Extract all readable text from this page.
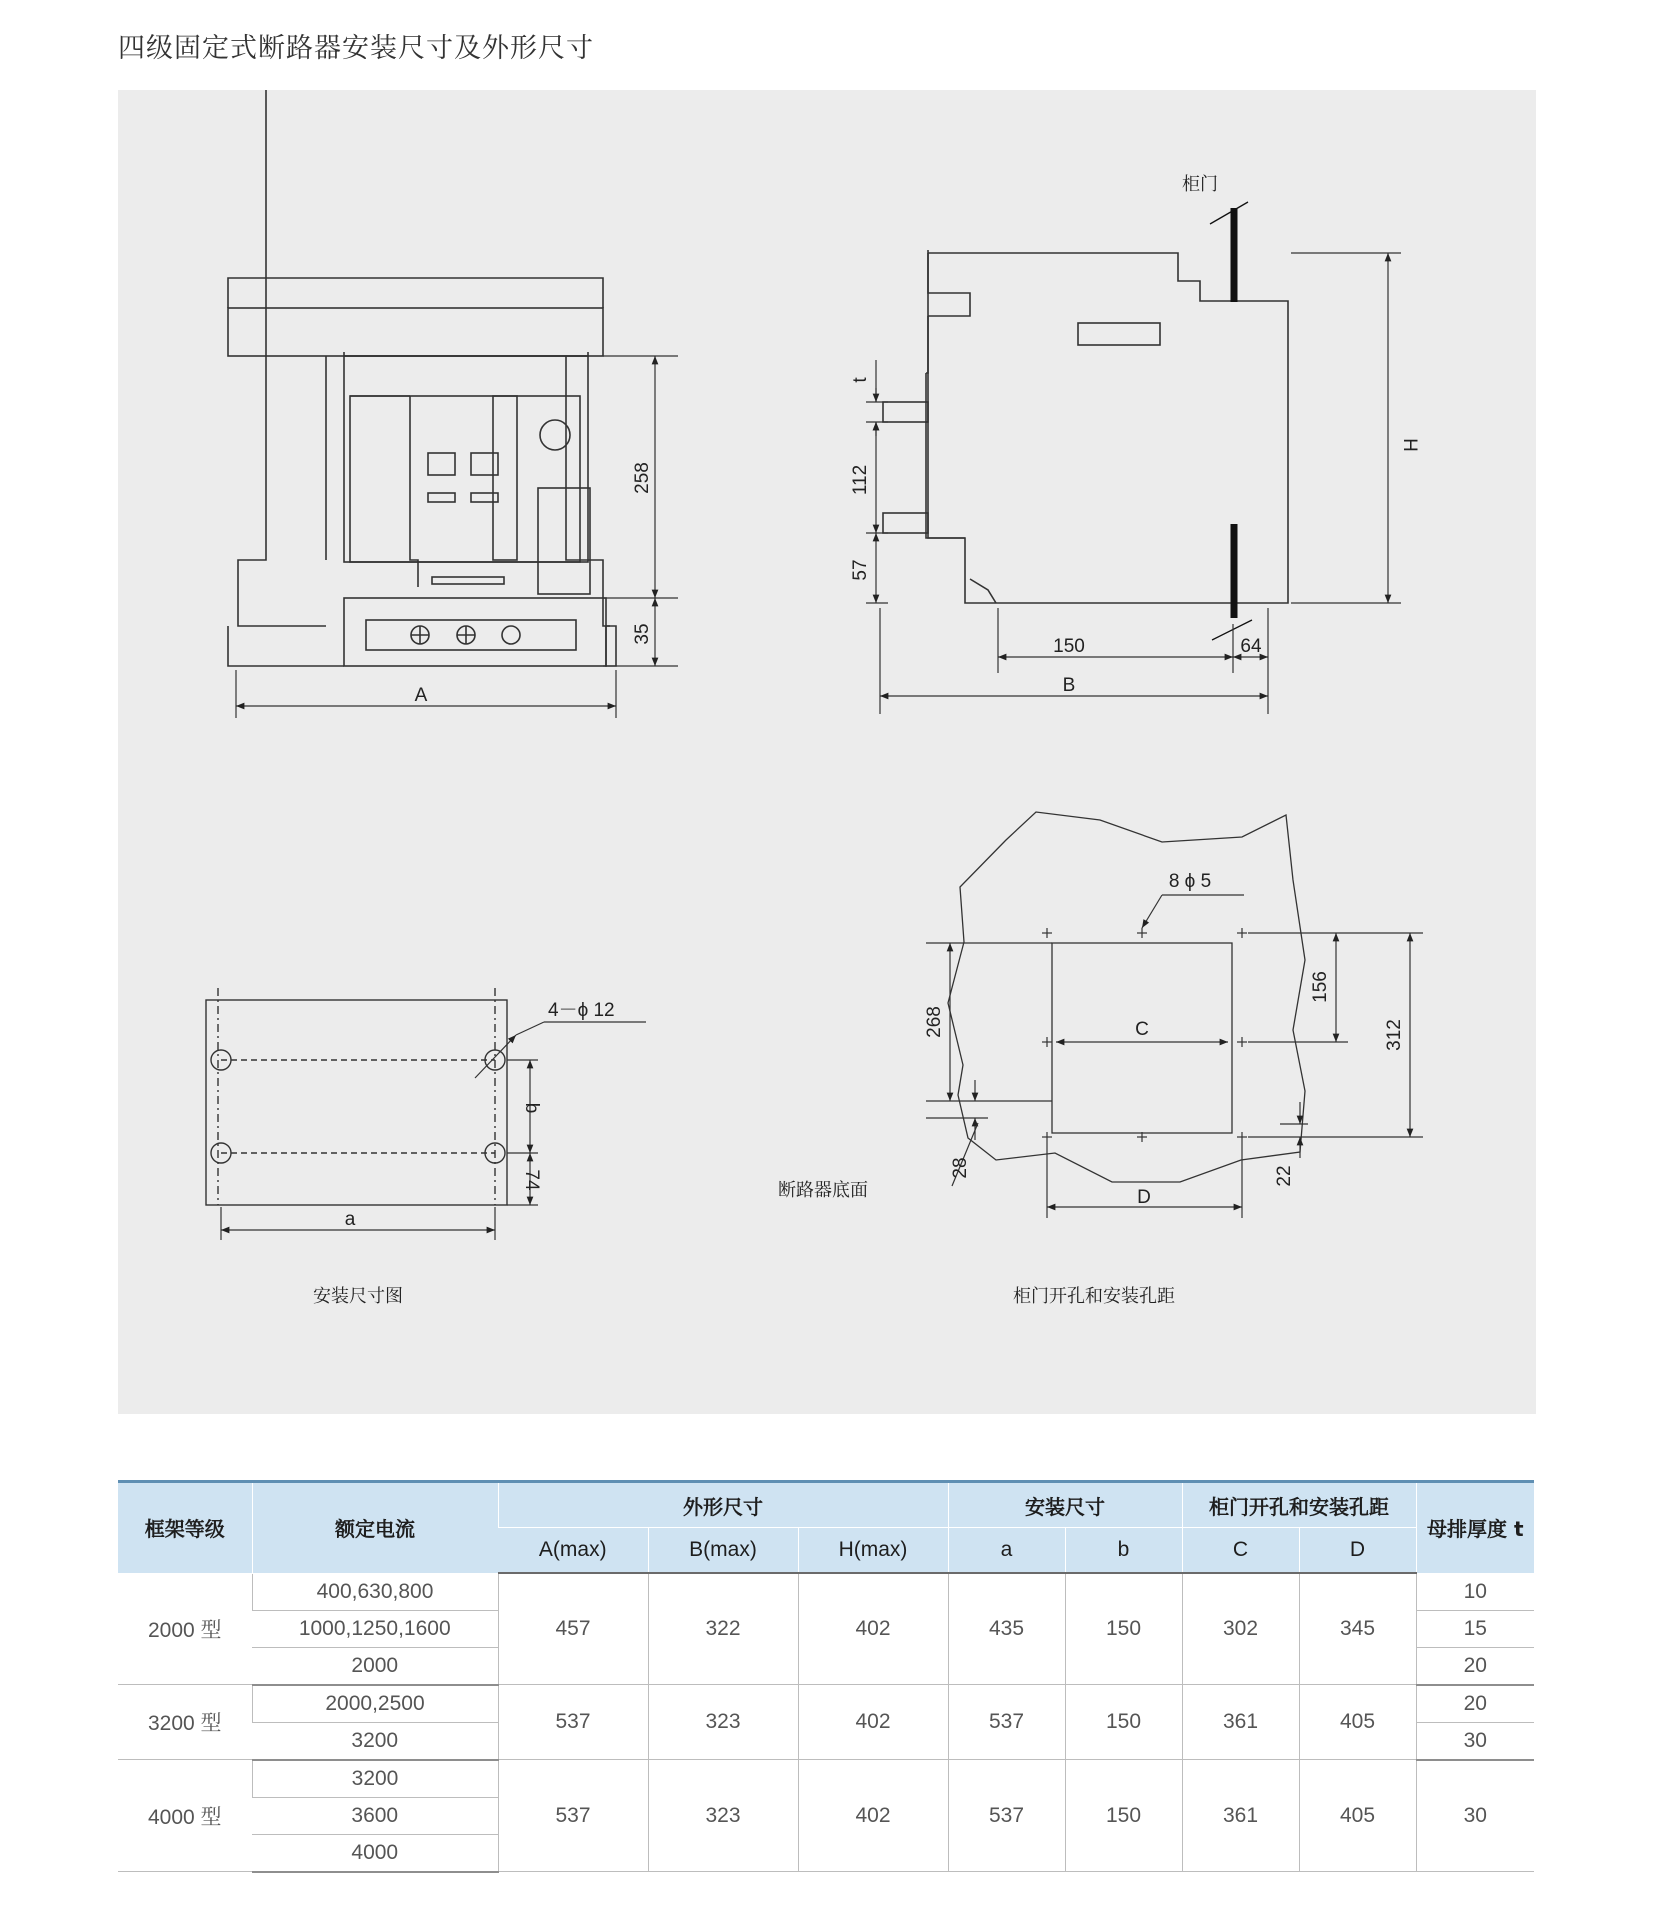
四级固定式断路器安装尺寸及外形尺寸
258
35
A
柜门
t
112
57
150	64
B
H
4－ϕ 12
b
74
a
安装尺寸图
8 ϕ 5
268
156
312
C
28	22
D
断路器底面
柜门开孔和安装孔距
框架等级	额定电流	外形尺寸			安装尺寸		柜门开孔和安装孔距		母排厚度 t
		A(max)	B(max)	H(max)	a	b	C	D	
2000 型	400,630,800	457	322	402	435	150	302	345	10
	1000,1250,1600								15
	2000								20
3200 型	2000,2500	537	323	402	537	150	361	405	20
	3200								30
4000 型	3200	537	323	402	537	150	361	405	30
	3600								
	4000								
